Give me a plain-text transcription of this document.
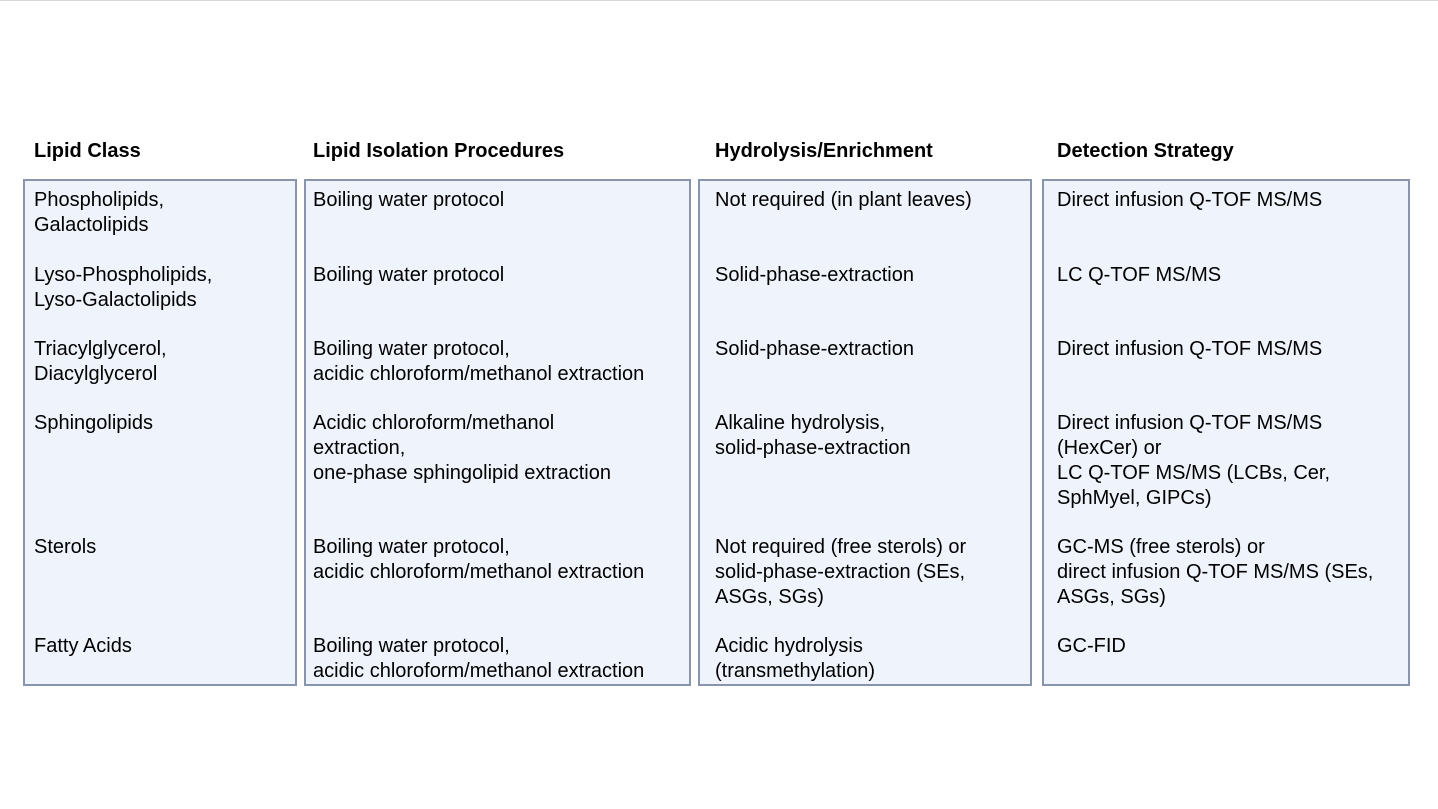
Lipid Class
Phospholipids,
Galactolipids
Lyso-Phospholipids,
Lyso-Galactolipids
Triacylglycerol,
Diacylglycerol
Sphingolipids
Sterols
Fatty Acids
Lipid Isolation Procedures
Boiling water protocol
Boiling water protocol
Boiling water protocol,
acidic chloroform/methanol extraction
Acidic chloroform/methanol
extraction,
one-phase sphingolipid extraction
Boiling water protocol,
acidic chloroform/methanol extraction
Boiling water protocol,
acidic chloroform/methanol extraction
Hydrolysis/Enrichment
Not required (in plant leaves)
Solid-phase-extraction
Solid-phase-extraction
Alkaline hydrolysis,
solid-phase-extraction
Not required (free sterols) or
solid-phase-extraction (SEs,
ASGs, SGs)
Acidic hydrolysis
(transmethylation)
Detection Strategy
Direct infusion Q-TOF MS/MS
LC Q-TOF MS/MS
Direct infusion Q-TOF MS/MS
Direct infusion Q-TOF MS/MS
(HexCer) or
LC Q-TOF MS/MS (LCBs, Cer,
SphMyel, GIPCs)
GC-MS (free sterols) or
direct infusion Q-TOF MS/MS (SEs,
ASGs, SGs)
GC-FID
